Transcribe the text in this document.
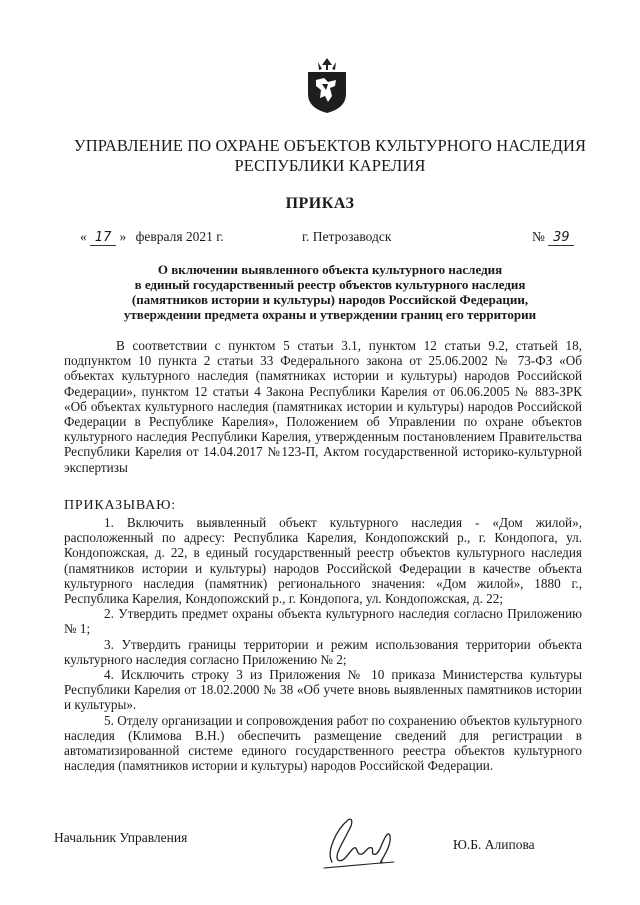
УПРАВЛЕНИЕ ПО ОХРАНЕ ОБЪЕКТОВ КУЛЬТУРНОГО НАСЛЕДИЯ
РЕСПУБЛИКИ КАРЕЛИЯ
ПРИКАЗ
« 17 » февраля 2021 г.	г. Петрозаводск	№ 39
О включении выявленного объекта культурного наследия
в единый государственный реестр объектов культурного наследия
(памятников истории и культуры) народов Российской Федерации,
утверждении предмета охраны и утверждении границ его территории

В соответствии с пунктом 5 статьи 3.1, пунктом 12 статьи 9.2, статьей 18, подпунктом 10 пункта 2 статьи 33 Федерального закона от 25.06.2002 № 73-ФЗ «Об объектах культурного наследия (памятниках истории и культуры) народов Российской Федерации», пунктом 12 статьи 4 Закона Республики Карелия от 06.06.2005 № 883-ЗРК «Об объектах культурного наследия (памятниках истории и культуры) народов Российской Федерации в Республике Карелия», Положением об Управлении по охране объектов культурного наследия Республики Карелия, утвержденным постановлением Правительства Республики Карелия от 14.04.2017 №123-П, Актом государственной историко-культурной экспертизы

ПРИКАЗЫВАЮ:

1. Включить выявленный объект культурного наследия - «Дом жилой», расположенный по адресу: Республика Карелия, Кондопожский р., г. Кондопога, ул. Кондопожская, д. 22, в единый государственный реестр объектов культурного наследия (памятников истории и культуры) народов Российской Федерации в качестве объекта культурного наследия (памятник) регионального значения: «Дом жилой», 1880 г., Республика Карелия, Кондопожский р., г. Кондопога, ул. Кондопожская, д. 22;

2. Утвердить предмет охраны объекта культурного наследия согласно Приложению № 1;

3. Утвердить границы территории и режим использования территории объекта культурного наследия согласно Приложению № 2;

4. Исключить строку 3 из Приложения № 10 приказа Министерства культуры Республики Карелия от 18.02.2000 № 38 «Об учете вновь выявленных памятников истории и культуры».

5. Отделу организации и сопровождения работ по сохранению объектов культурного наследия (Климова В.Н.) обеспечить размещение сведений для регистрации в автоматизированной системе единого государственного реестра объектов культурного наследия (памятников истории и культуры) народов Российской Федерации.

Начальник Управления	Ю.Б. Алипова
